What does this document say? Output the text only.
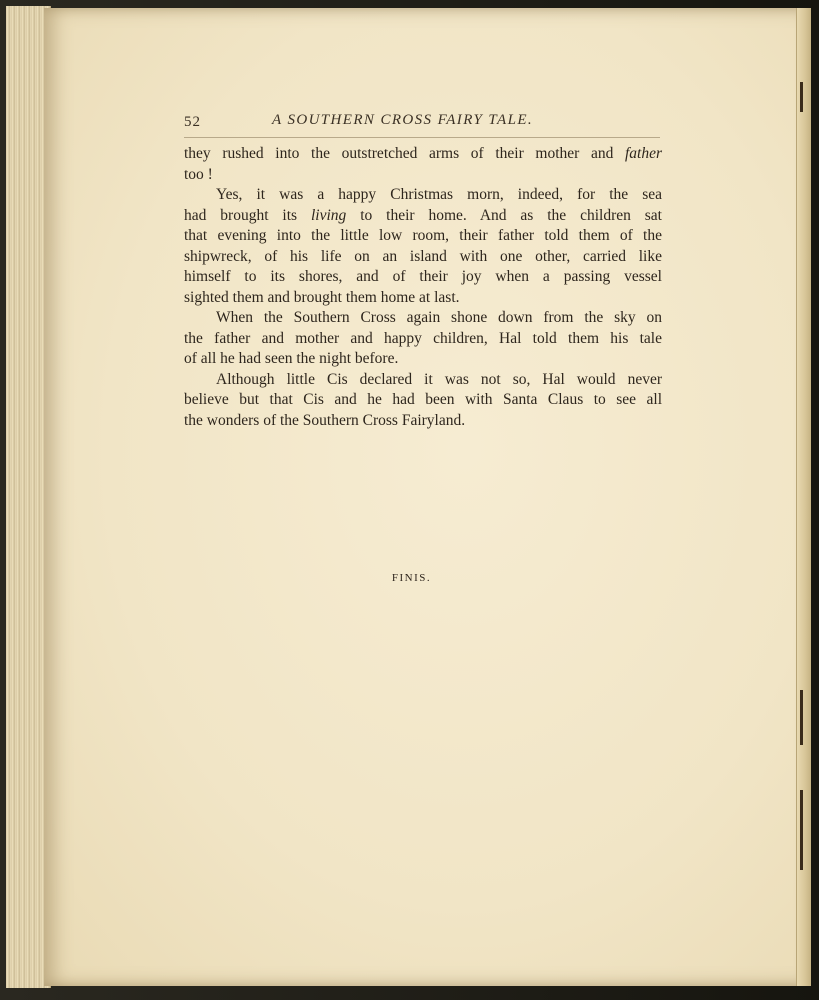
52	A SOUTHERN CROSS FAIRY TALE.
they rushed into the outstretched arms of their mother and father
too !
Yes, it was a happy Christmas morn, indeed, for the sea
had brought its living to their home. And as the children sat
that evening into the little low room, their father told them of the
shipwreck, of his life on an island with one other, carried like
himself to its shores, and of their joy when a passing vessel
sighted them and brought them home at last.
When the Southern Cross again shone down from the sky on
the father and mother and happy children, Hal told them his tale
of all he had seen the night before.
Although little Cis declared it was not so, Hal would never
believe but that Cis and he had been with Santa Claus to see all
the wonders of the Southern Cross Fairyland.
FINIS.
